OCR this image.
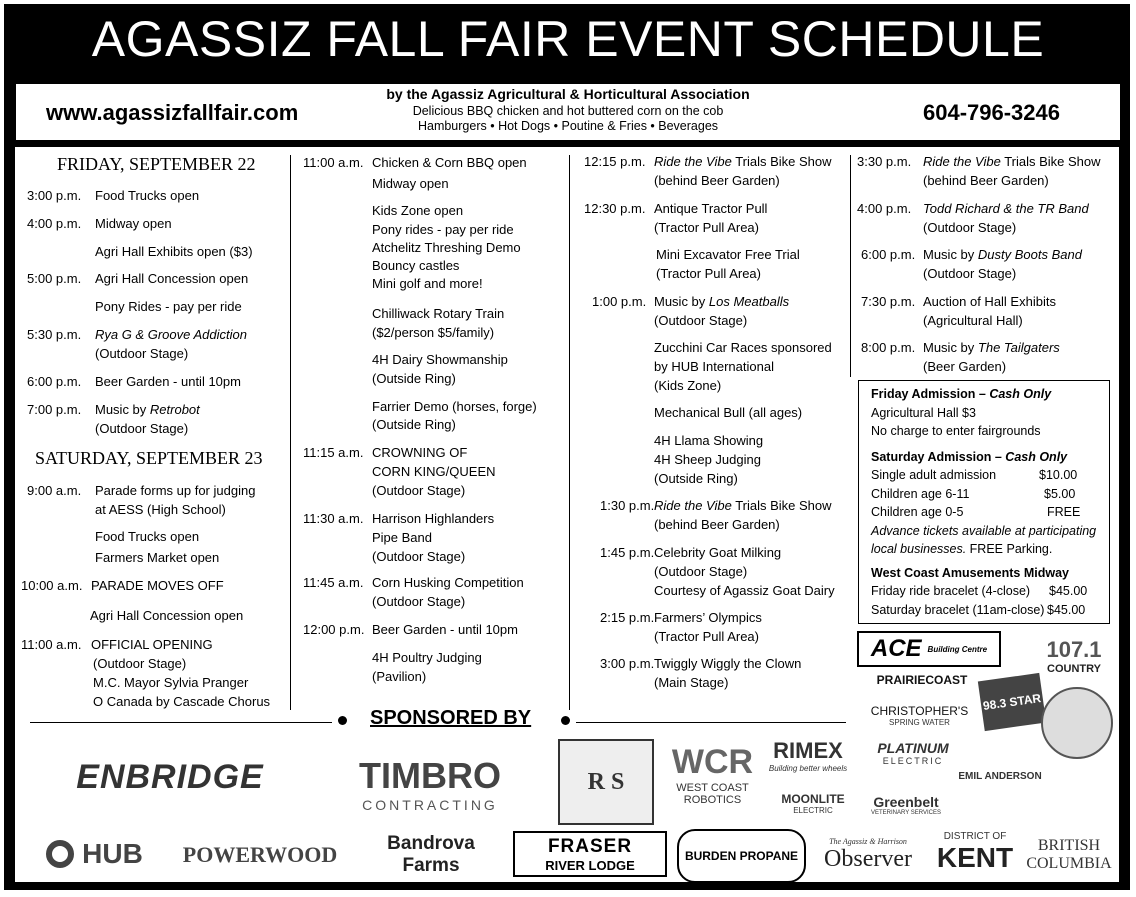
AGASSIZ FALL FAIR EVENT SCHEDULE
www.agassizfallfair.com
by the Agassiz Agricultural & Horticultural Association
Delicious BBQ chicken and hot buttered corn on the cob
Hamburgers • Hot Dogs • Poutine & Fries • Beverages
604-796-3246
FRIDAY, SEPTEMBER 22
3:00 p.m. Food Trucks open
4:00 p.m. Midway open
Agri Hall Exhibits open ($3)
5:00 p.m. Agri Hall Concession open
Pony Rides - pay per ride
5:30 p.m. Rya G & Groove Addiction
(Outdoor Stage)
6:00 p.m. Beer Garden - until 10pm
7:00 p.m. Music by Retrobot
(Outdoor Stage)
SATURDAY, SEPTEMBER 23
9:00 a.m. Parade forms up for judging
at AESS (High School)
Food Trucks open
Farmers Market open
10:00 a.m. PARADE MOVES OFF
Agri Hall Concession open
11:00 a.m. OFFICIAL OPENING
(Outdoor Stage)
M.C. Mayor Sylvia Pranger
O Canada by Cascade Chorus
11:00 a.m. Chicken & Corn BBQ open
Midway open
Kids Zone open
Pony rides - pay per ride
Atchelitz Threshing Demo
Bouncy castles
Mini golf and more!
Chilliwack Rotary Train
($2/person $5/family)
4H Dairy Showmanship
(Outside Ring)
Farrier Demo (horses, forge)
(Outside Ring)
11:15 a.m. CROWNING OF
CORN KING/QUEEN
(Outdoor Stage)
11:30 a.m. Harrison Highlanders
Pipe Band
(Outdoor Stage)
11:45 a.m. Corn Husking Competition
(Outdoor Stage)
12:00 p.m. Beer Garden - until 10pm
4H Poultry Judging
(Pavilion)
12:15 p.m. Ride the Vibe Trials Bike Show
(behind Beer Garden)
12:30 p.m. Antique Tractor Pull
(Tractor Pull Area)
Mini Excavator Free Trial
(Tractor Pull Area)
1:00 p.m. Music by Los Meatballs
(Outdoor Stage)
Zucchini Car Races sponsored
by HUB International
(Kids Zone)
Mechanical Bull (all ages)
4H Llama Showing
4H Sheep Judging
(Outside Ring)
1:30 p.m. Ride the Vibe Trials Bike Show
(behind Beer Garden)
1:45 p.m. Celebrity Goat Milking
(Outdoor Stage)
Courtesy of Agassiz Goat Dairy
2:15 p.m. Farmers’ Olympics
(Tractor Pull Area)
3:00 p.m. Twiggly Wiggly the Clown
(Main Stage)
3:30 p.m. Ride the Vibe Trials Bike Show
(behind Beer Garden)
4:00 p.m. Todd Richard & the TR Band
(Outdoor Stage)
6:00 p.m. Music by Dusty Boots Band
(Outdoor Stage)
7:30 p.m. Auction of Hall Exhibits
(Agricultural Hall)
8:00 p.m. Music by The Tailgaters
(Beer Garden)
Friday Admission – Cash Only
Agricultural Hall $3
No charge to enter fairgrounds
Saturday Admission – Cash Only
Single adult admission	$10.00
Children age 6-11	$5.00
Children age 0-5	FREE
Advance tickets available at participating local businesses. FREE Parking.
West Coast Amusements Midway
Friday ride bracelet (4-close) $45.00
Saturday bracelet (11am-close) $45.00
SPONSORED BY
ENBRIDGE	TIMBRO
CONTRACTING
R S
WCR
WEST COAST ROBOTICS
RIMEX
Building better wheels
PLATINUM
ELECTRIC
EMIL ANDERSON
MOONLITE
ELECTRIC	Greenbelt
VETERINARY SERVICES
ACE Building Centre	107.1
COUNTRY
PRAIRIECOAST
CHRISTOPHER'S
SPRING WATER
98.3 STAR
HUB	POWERWOOD	Bandrova Farms
FRASER
RIVER LODGE
BURDEN PROPANE
The Agassiz & Harrison
Observer
DISTRICT OF
KENT BRITISH
COLUMBIA
